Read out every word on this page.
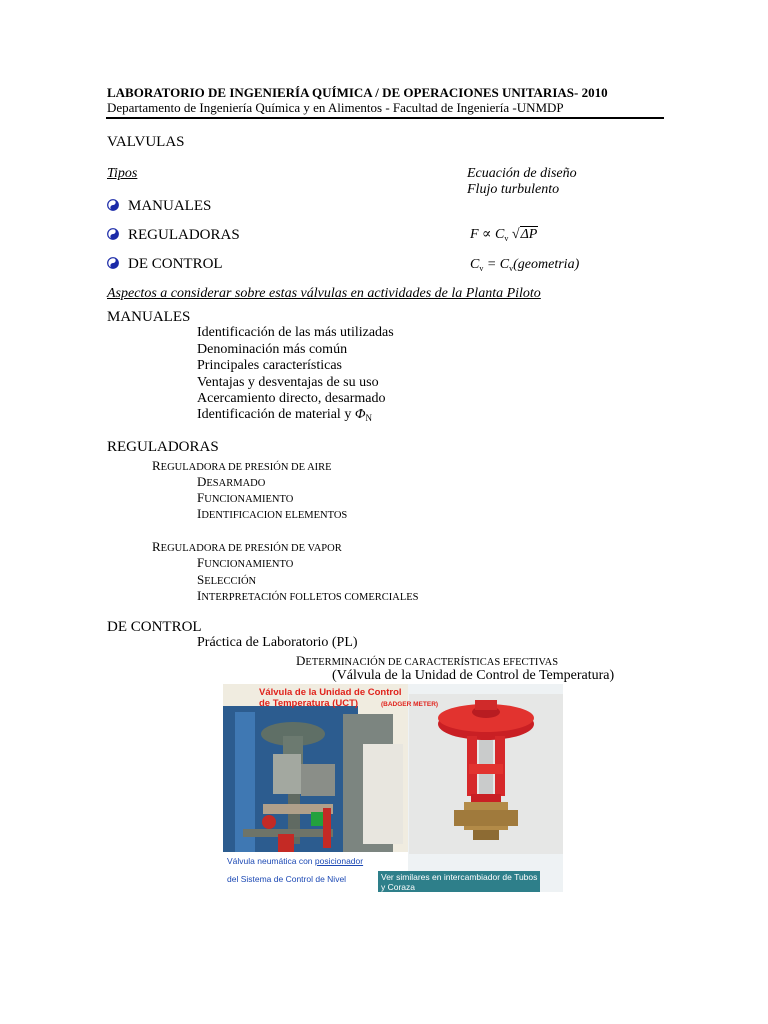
LABORATORIO DE INGENIERÍA QUÍMICA / DE OPERACIONES UNITARIAS- 2010
Departamento de Ingeniería Química y en Alimentos - Facultad de Ingeniería -UNMDP
VALVULAS
Tipos
MANUALES
REGULADORAS
DE CONTROL
Ecuación de diseño
Flujo turbulento
$F \propto C_v$ √ΔP
$C_v$ = $C_v(geometria)$
Aspectos a considerar sobre estas válvulas en actividades de la Planta Piloto
MANUALES
Identificación de las más utilizadas
Denominación más común
Principales características
Ventajas y desventajas de su uso
Acercamiento directo, desarmado
Identificación de material y $\Phi_N$
REGULADORAS
REGULADORA DE PRESIÓN DE AIRE
DESARMADO
FUNCIONAMIENTO
IDENTIFICACION ELEMENTOS
REGULADORA DE PRESIÓN DE VAPOR
FUNCIONAMIENTO
SELECCIÓN
INTERPRETACIÓN FOLLETOS COMERCIALES
DE CONTROL
Práctica de Laboratorio (PL)
DETERMINACIÓN DE CARACTERÍSTICAS EFECTIVAS
(Válvula de la Unidad de Control de Temperatura)
Válvula de la Unidad de Control de Temperatura (UCT)	(BADGER METER)
Válvula neumática con posicionador
del Sistema de Control de Nivel	Ver similares en intercambiador de Tubos y Coraza
